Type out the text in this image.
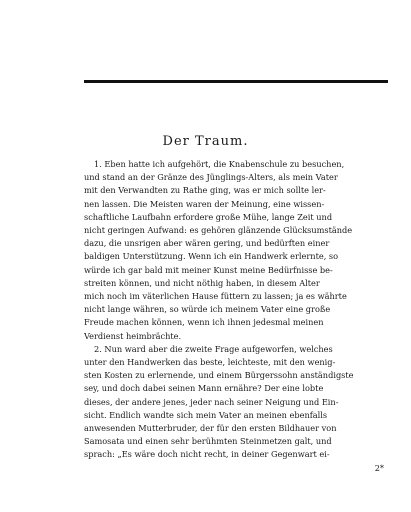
Der Traum.

1. Eben hatte ich aufgehört, die Knabenschule zu besuchen,
und stand an der Gränze des Jünglings-Alters, als mein Vater
mit den Verwandten zu Rathe ging, was er mich sollte ler-
nen lassen. Die Meisten waren der Meinung, eine wissen-
schaftliche Laufbahn erfordere große Mühe, lange Zeit und
nicht geringen Aufwand: es gehören glänzende Glücksumstände
dazu, die unsrigen aber wären gering, und bedürften einer
baldigen Unterstützung. Wenn ich ein Handwerk erlernte, so
würde ich gar bald mit meiner Kunst meine Bedürfnisse be-
streiten können, und nicht nöthig haben, in diesem Alter
mich noch im väterlichen Hause füttern zu lassen; ja es währte
nicht lange währen, so würde ich meinem Vater eine große
Freude machen können, wenn ich ihnen jedesmal meinen
Verdienst heimbrächte.

2. Nun ward aber die zweite Frage aufgeworfen, welches
unter den Handwerken das beste, leichteste, mit den wenig-
sten Kosten zu erlernende, und einem Bürgerssohn anständigste
sey, und doch dabei seinen Mann ernähre? Der eine lobte
dieses, der andere jenes, jeder nach seiner Neigung und Ein-
sicht. Endlich wandte sich mein Vater an meinen ebenfalls
anwesenden Mutterbruder, der für den ersten Bildhauer von
Samosata und einen sehr berühmten Steinmetzen galt, und
sprach: „Es wäre doch nicht recht, in deiner Gegenwart ei-

2*
